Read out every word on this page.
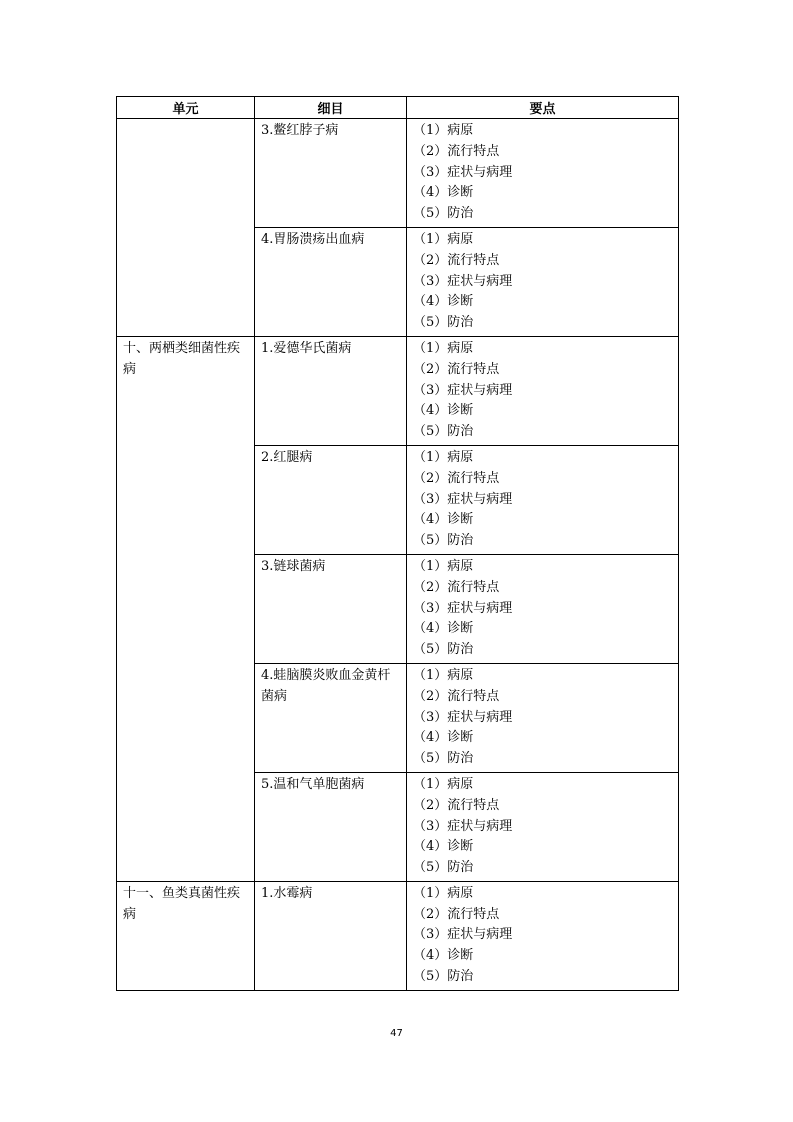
单元	细目	要点
	3.鳖红脖子病	（1）病原
（2）流行特点
（3）症状与病理
（4）诊断
（5）防治

	4.胃肠溃疡出血病	（1）病原
（2）流行特点
（3）症状与病理
（4）诊断
（5）防治

十、两栖类细菌性疾病	1.爱德华氏菌病	（1）病原
（2）流行特点
（3）症状与病理
（4）诊断
（5）防治

	2.红腿病	（1）病原
（2）流行特点
（3）症状与病理
（4）诊断
（5）防治

	3.链球菌病	（1）病原
（2）流行特点
（3）症状与病理
（4）诊断
（5）防治

	4.蛙脑膜炎败血金黄杆菌病	（1）病原
（2）流行特点
（3）症状与病理
（4）诊断
（5）防治

	5.温和气单胞菌病	（1）病原
（2）流行特点
（3）症状与病理
（4）诊断
（5）防治

十一、鱼类真菌性疾病	1.水霉病	（1）病原
（2）流行特点
（3）症状与病理
（4）诊断
（5）防治
47
